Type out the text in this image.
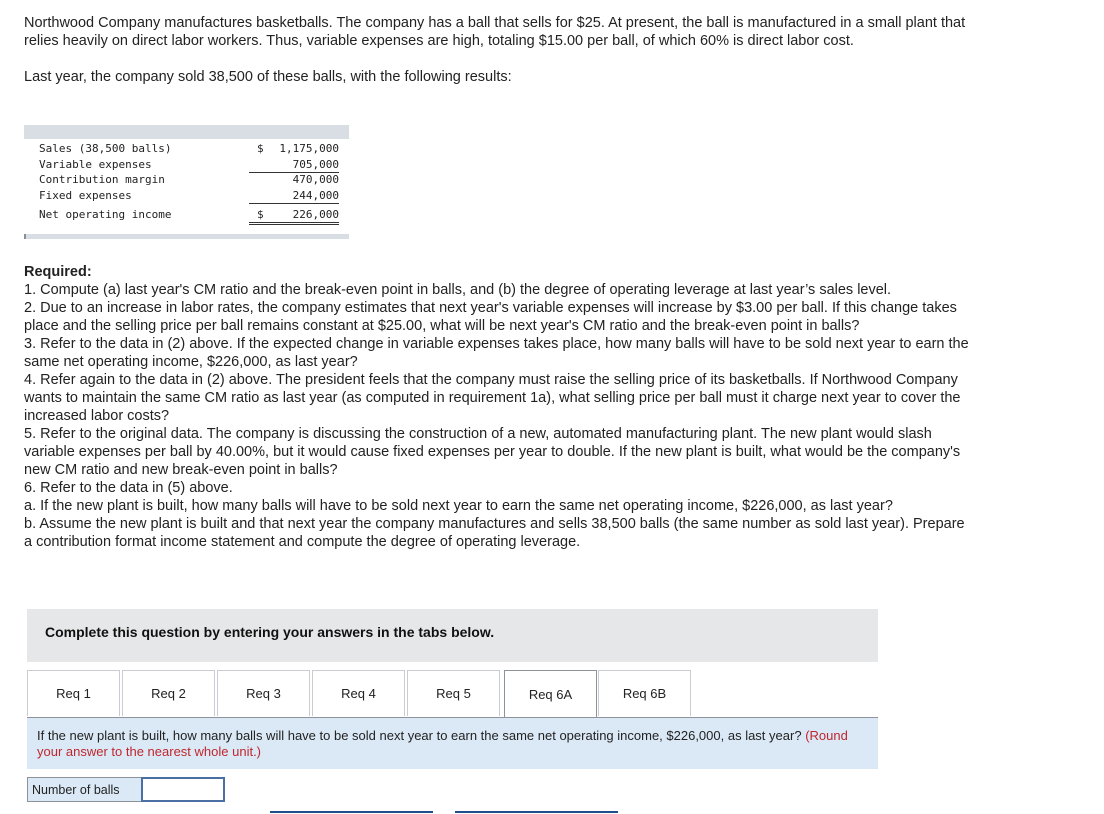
Northwood Company manufactures basketballs. The company has a ball that sells for $25. At present, the ball is manufactured in a small plant that relies heavily on direct labor workers. Thus, variable expenses are high, totaling $15.00 per ball, of which 60% is direct labor cost.

Last year, the company sold 38,500 of these balls, with the following results:

Sales (38,500 balls)	$	1,175,000
Variable expenses	705,000
Contribution margin	470,000
Fixed expenses	244,000
Net operating income	$	226,000

Required:

1. Compute (a) last year's CM ratio and the break-even point in balls, and (b) the degree of operating leverage at last year’s sales level.

2. Due to an increase in labor rates, the company estimates that next year's variable expenses will increase by $3.00 per ball. If this change takes place and the selling price per ball remains constant at $25.00, what will be next year's CM ratio and the break-even point in balls?

3. Refer to the data in (2) above. If the expected change in variable expenses takes place, how many balls will have to be sold next year to earn the same net operating income, $226,000, as last year?

4. Refer again to the data in (2) above. The president feels that the company must raise the selling price of its basketballs. If Northwood Company wants to maintain the same CM ratio as last year (as computed in requirement 1a), what selling price per ball must it charge next year to cover the increased labor costs?

5. Refer to the original data. The company is discussing the construction of a new, automated manufacturing plant. The new plant would slash variable expenses per ball by 40.00%, but it would cause fixed expenses per year to double. If the new plant is built, what would be the company's new CM ratio and new break-even point in balls?

6. Refer to the data in (5) above.

a. If the new plant is built, how many balls will have to be sold next year to earn the same net operating income, $226,000, as last year?

b. Assume the new plant is built and that next year the company manufactures and sells 38,500 balls (the same number as sold last year). Prepare a contribution format income statement and compute the degree of operating leverage.

Complete this question by entering your answers in the tabs below.
Req 1	Req 2	Req 3	Req 4	Req 5	Req 6A	Req 6B
If the new plant is built, how many balls will have to be sold next year to earn the same net operating income, $226,000, as last year? (Round your answer to the nearest whole unit.)
Number of balls
